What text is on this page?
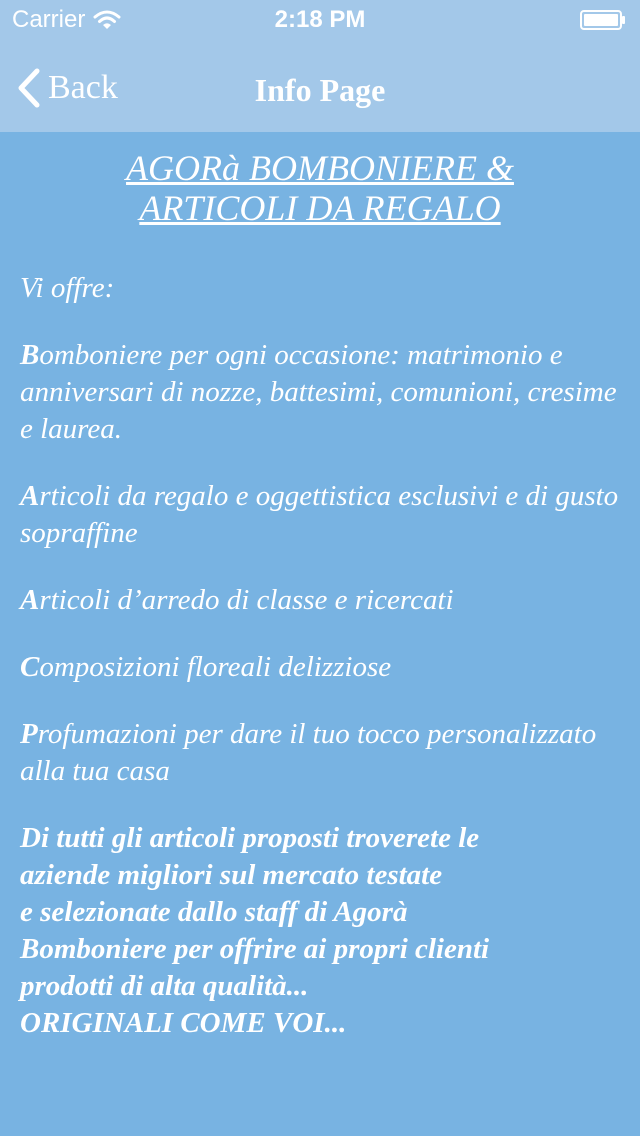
Carrier	2:18 PM
Back	Info Page
AGORà BOMBONIERE &
ARTICOLI DA REGALO

Vi offre:

Bomboniere per ogni occasione: matrimonio e anniversari di nozze, battesimi, comunioni, cresime e laurea.

Articoli da regalo e oggettistica esclusivi e di gusto sopraffine

Articoli d’arredo di classe e ricercati

Composizioni floreali delizziose

Profumazioni per dare il tuo tocco personalizzato alla tua casa

Di tutti gli articoli proposti troverete le
aziende migliori sul mercato testate
e selezionate dallo staff di Agorà
Bomboniere per offrire ai propri clienti
prodotti di alta qualità...

ORIGINALI COME VOI...
